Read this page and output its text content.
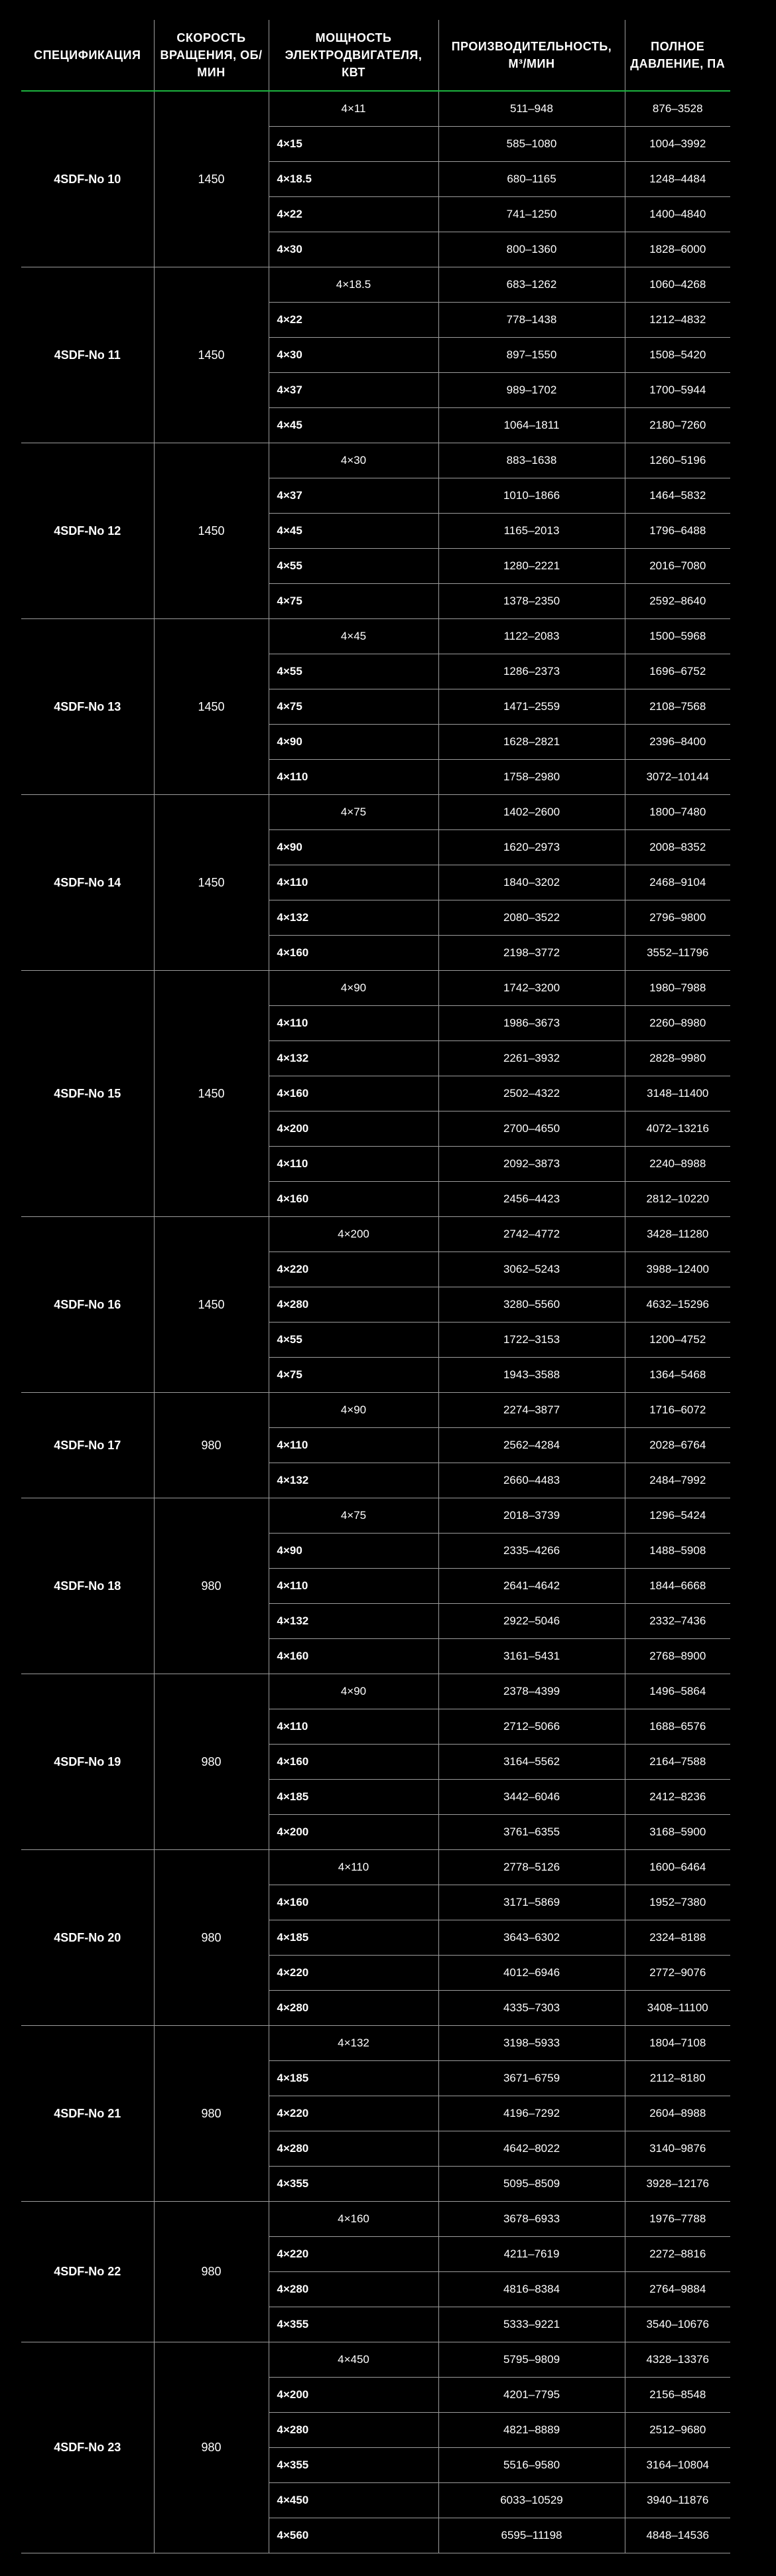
СПЕЦИФИКАЦИЯ	СКОРОСТЬ ВРАЩЕНИЯ, ОБ/МИН	МОЩНОСТЬ ЭЛЕКТРОДВИГАТЕЛЯ, КВТ	ПРОИЗВОДИТЕЛЬНОСТЬ, М³/МИН	ПОЛНОЕ ДАВЛЕНИЕ, ПА
4SDF-No 10	1450	4×11	511–948	876–3528
		4×15	585–1080	1004–3992
		4×18.5	680–1165	1248–4484
		4×22	741–1250	1400–4840
		4×30	800–1360	1828–6000
4SDF-No 11	1450	4×18.5	683–1262	1060–4268
		4×22	778–1438	1212–4832
		4×30	897–1550	1508–5420
		4×37	989–1702	1700–5944
		4×45	1064–1811	2180–7260
4SDF-No 12	1450	4×30	883–1638	1260–5196
		4×37	1010–1866	1464–5832
		4×45	1165–2013	1796–6488
		4×55	1280–2221	2016–7080
		4×75	1378–2350	2592–8640
4SDF-No 13	1450	4×45	1122–2083	1500–5968
		4×55	1286–2373	1696–6752
		4×75	1471–2559	2108–7568
		4×90	1628–2821	2396–8400
		4×110	1758–2980	3072–10144
4SDF-No 14	1450	4×75	1402–2600	1800–7480
		4×90	1620–2973	2008–8352
		4×110	1840–3202	2468–9104
		4×132	2080–3522	2796–9800
		4×160	2198–3772	3552–11796
4SDF-No 15	1450	4×90	1742–3200	1980–7988
		4×110	1986–3673	2260–8980
		4×132	2261–3932	2828–9980
		4×160	2502–4322	3148–11400
		4×200	2700–4650	4072–13216
		4×110	2092–3873	2240–8988
		4×160	2456–4423	2812–10220
4SDF-No 16	1450	4×200	2742–4772	3428–11280
		4×220	3062–5243	3988–12400
		4×280	3280–5560	4632–15296
		4×55	1722–3153	1200–4752
		4×75	1943–3588	1364–5468
4SDF-No 17	980	4×90	2274–3877	1716–6072
		4×110	2562–4284	2028–6764
		4×132	2660–4483	2484–7992
4SDF-No 18	980	4×75	2018–3739	1296–5424
		4×90	2335–4266	1488–5908
		4×110	2641–4642	1844–6668
		4×132	2922–5046	2332–7436
		4×160	3161–5431	2768–8900
4SDF-No 19	980	4×90	2378–4399	1496–5864
		4×110	2712–5066	1688–6576
		4×160	3164–5562	2164–7588
		4×185	3442–6046	2412–8236
		4×200	3761–6355	3168–5900
4SDF-No 20	980	4×110	2778–5126	1600–6464
		4×160	3171–5869	1952–7380
		4×185	3643–6302	2324–8188
		4×220	4012–6946	2772–9076
		4×280	4335–7303	3408–11100
4SDF-No 21	980	4×132	3198–5933	1804–7108
		4×185	3671–6759	2112–8180
		4×220	4196–7292	2604–8988
		4×280	4642–8022	3140–9876
		4×355	5095–8509	3928–12176
4SDF-No 22	980	4×160	3678–6933	1976–7788
		4×220	4211–7619	2272–8816
		4×280	4816–8384	2764–9884
		4×355	5333–9221	3540–10676
4SDF-No 23	980	4×450	5795–9809	4328–13376
		4×200	4201–7795	2156–8548
		4×280	4821–8889	2512–9680
		4×355	5516–9580	3164–10804
		4×450	6033–10529	3940–11876
		4×560	6595–11198	4848–14536
